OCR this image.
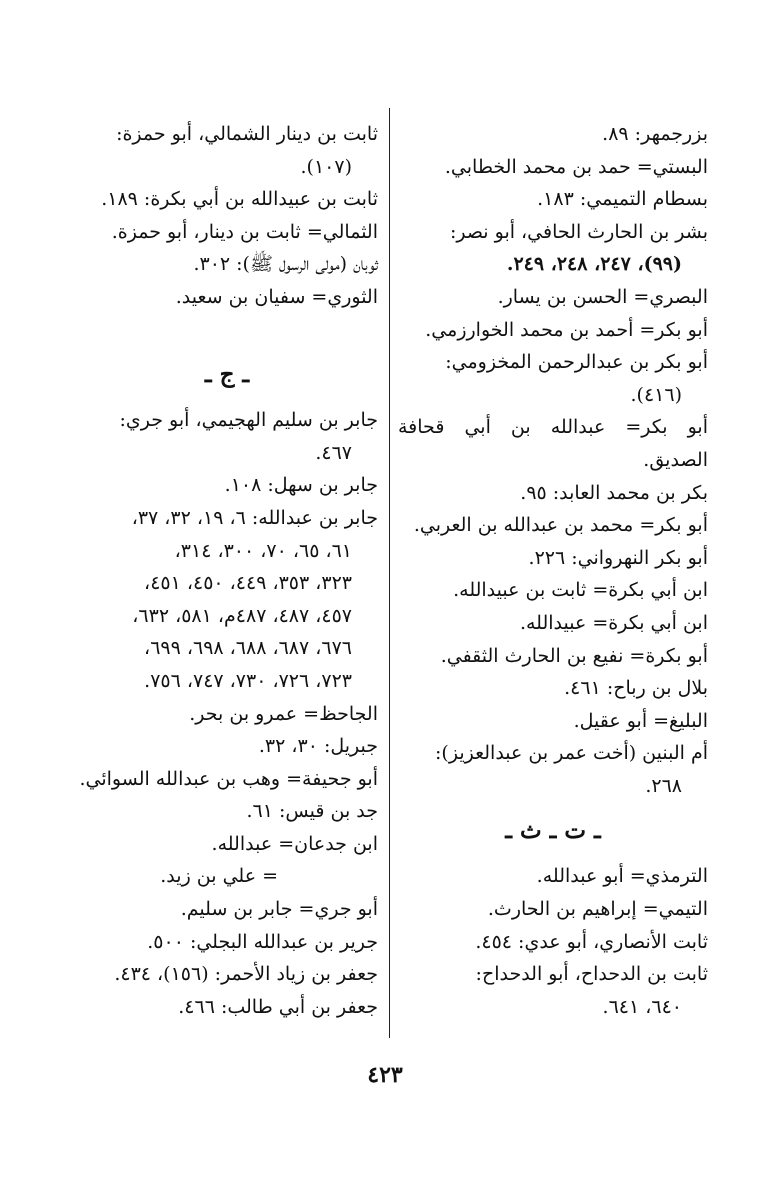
بزرجمهر: ٨٩.

البستي= حمد بن محمد الخطابي.

بسطام التميمي: ١٨٣.

بشر بن الحارث الحافي، أبو نصر:
(٩٩)، ٢٤٧، ٢٤٨، ٢٤٩.

البصري= الحسن بن يسار.

أبو بكر= أحمد بن محمد الخوارزمي.

أبو بكر بن عبدالرحمن المخزومي:
(٤١٦).

أبو بكر= عبدالله بن أبي قحافة الصديق.

بكر بن محمد العابد: ٩٥.

أبو بكر= محمد بن عبدالله بن العربي.

أبو بكر النهرواني: ٢٢٦.

ابن أبي بكرة= ثابت بن عبيدالله.

ابن أبي بكرة= عبيدالله.

أبو بكرة= نفيع بن الحارث الثقفي.

بلال بن رباح: ٤٦١.

البليغ= أبو عقيل.

أم البنين (أخت عمر بن عبدالعزيز):
٢٦٨.

ـ ت ـ ث ـ

الترمذي= أبو عبدالله.

التيمي= إبراهيم بن الحارث.

ثابت الأنصاري، أبو عدي: ٤٥٤.

ثابت بن الدحداح، أبو الدحداح:
٦٤٠، ٦٤١.

ثابت بن دينار الشمالي، أبو حمزة:
(١٠٧).

ثابت بن عبيدالله بن أبي بكرة: ١٨٩.

الثمالي= ثابت بن دينار، أبو حمزة.

ثوبان (مولى الرسول ﷺ): ٣٠٢.

الثوري= سفيان بن سعيد.

ـ ج ـ

جابر بن سليم الهجيمي، أبو جري:
٤٦٧.

جابر بن سهل: ١٠٨.

جابر بن عبدالله: ٦، ١٩، ٣٢، ٣٧،
٦١، ٦٥، ٧٠، ٣٠٠، ٣١٤،
٣٢٣، ٣٥٣، ٤٤٩، ٤٥٠، ٤٥١،
٤٥٧، ٤٨٧، ٤٨٧م، ٥٨١، ٦٣٢،
٦٧٦، ٦٨٧، ٦٨٨، ٦٩٨، ٦٩٩،
٧٢٣، ٧٢٦، ٧٣٠، ٧٤٧، ٧٥٦.

الجاحظ= عمرو بن بحر.

جبريل: ٣٠، ٣٢.

أبو جحيفة= وهب بن عبدالله السوائي.

جد بن قيس: ٦١.

ابن جدعان= عبدالله.

= علي بن زيد.

أبو جري= جابر بن سليم.

جرير بن عبدالله البجلي: ٥٠٠.

جعفر بن زياد الأحمر: (١٥٦)، ٤٣٤.

جعفر بن أبي طالب: ٤٦٦.

٤٢٣
